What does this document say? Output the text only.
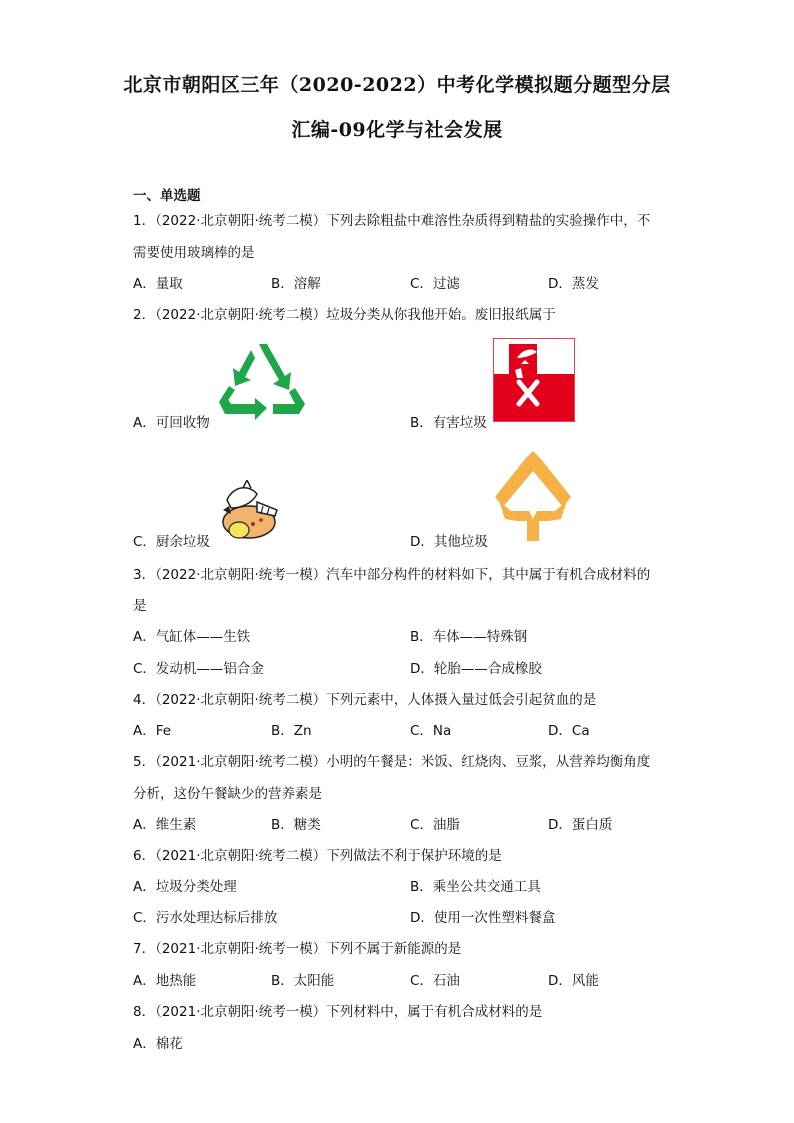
北京市朝阳区三年（2020-2022）中考化学模拟题分题型分层
汇编-09化学与社会发展
一、单选题
1．（2022·北京朝阳·统考二模）下列去除粗盐中难溶性杂质得到精盐的实验操作中，不
需要使用玻璃棒的是
A．量取	B．溶解	C．过滤	D．蒸发
2．（2022·北京朝阳·统考二模）垃圾分类从你我他开始。废旧报纸属于
A．可回收物	B．有害垃圾
C．厨余垃圾	D．其他垃圾
3．（2022·北京朝阳·统考一模）汽车中部分构件的材料如下，其中属于有机合成材料的
是
A．气缸体——生铁	B．车体——特殊钢
C．发动机——铝合金	D．轮胎——合成橡胶
4．（2022·北京朝阳·统考二模）下列元素中，人体摄入量过低会引起贫血的是
A．Fe	B．Zn	C．Na	D．Ca
5．（2021·北京朝阳·统考二模）小明的午餐是：米饭、红烧肉、豆浆，从营养均衡角度
分析，这份午餐缺少的营养素是
A．维生素	B．糖类	C．油脂	D．蛋白质
6．（2021·北京朝阳·统考二模）下列做法不利于保护环境的是
A．垃圾分类处理	B．乘坐公共交通工具
C．污水处理达标后排放	D．使用一次性塑料餐盒
7．（2021·北京朝阳·统考一模）下列不属于新能源的是
A．地热能	B．太阳能	C．石油	D．风能
8．（2021·北京朝阳·统考一模）下列材料中，属于有机合成材料的是
A．棉花
